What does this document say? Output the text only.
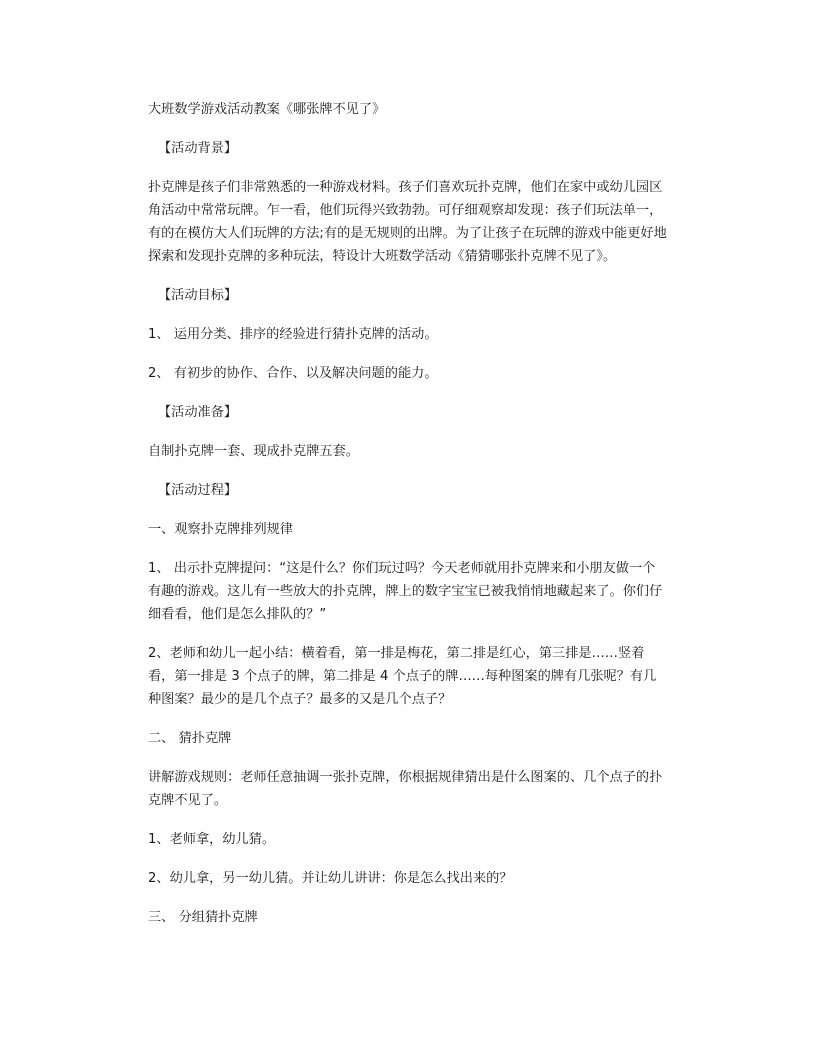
大班数学游戏活动教案《哪张牌不见了》

【活动背景】

扑克牌是孩子们非常熟悉的一种游戏材料。孩子们喜欢玩扑克牌，他们在家中或幼儿园区角活动中常常玩牌。乍一看，他们玩得兴致勃勃。可仔细观察却发现：孩子们玩法单一，有的在模仿大人们玩牌的方法;有的是无规则的出牌。为了让孩子在玩牌的游戏中能更好地探索和发现扑克牌的多种玩法，特设计大班数学活动《猜猜哪张扑克牌不见了》。

【活动目标】

1、 运用分类、排序的经验进行猜扑克牌的活动。

2、 有初步的协作、合作、以及解决问题的能力。

【活动准备】

自制扑克牌一套、现成扑克牌五套。

【活动过程】

一、观察扑克牌排列规律

1、 出示扑克牌提问：“这是什么？你们玩过吗？今天老师就用扑克牌来和小朋友做一个有趣的游戏。这儿有一些放大的扑克牌，牌上的数字宝宝已被我悄悄地藏起来了。你们仔细看看，他们是怎么排队的？”

2、老师和幼儿一起小结：横着看，第一排是梅花，第二排是红心，第三排是……竖着看，第一排是 3 个点子的牌，第二排是 4 个点子的牌……每种图案的牌有几张呢？有几种图案？最少的是几个点子？最多的又是几个点子？

二、 猜扑克牌

讲解游戏规则：老师任意抽调一张扑克牌，你根据规律猜出是什么图案的、几个点子的扑克牌不见了。

1、老师拿，幼儿猜。

2、幼儿拿，另一幼儿猜。并让幼儿讲讲：你是怎么找出来的？

三、 分组猜扑克牌
